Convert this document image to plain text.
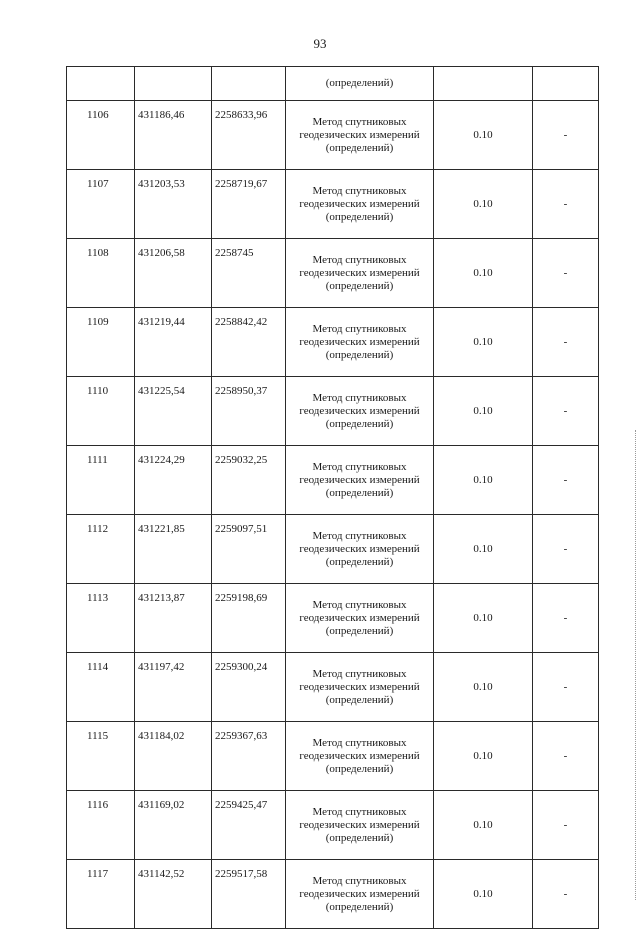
93
			(определений)		
1106	431186,46	2258633,96	Метод спутниковых
геодезических измерений
(определений)	0.10	-
1107	431203,53	2258719,67	Метод спутниковых
геодезических измерений
(определений)	0.10	-
1108	431206,58	2258745	Метод спутниковых
геодезических измерений
(определений)	0.10	-
1109	431219,44	2258842,42	Метод спутниковых
геодезических измерений
(определений)	0.10	-
1110	431225,54	2258950,37	Метод спутниковых
геодезических измерений
(определений)	0.10	-
1111	431224,29	2259032,25	Метод спутниковых
геодезических измерений
(определений)	0.10	-
1112	431221,85	2259097,51	Метод спутниковых
геодезических измерений
(определений)	0.10	-
1113	431213,87	2259198,69	Метод спутниковых
геодезических измерений
(определений)	0.10	-
1114	431197,42	2259300,24	Метод спутниковых
геодезических измерений
(определений)	0.10	-
1115	431184,02	2259367,63	Метод спутниковых
геодезических измерений
(определений)	0.10	-
1116	431169,02	2259425,47	Метод спутниковых
геодезических измерений
(определений)	0.10	-
1117	431142,52	2259517,58	Метод спутниковых
геодезических измерений
(определений)	0.10	-
